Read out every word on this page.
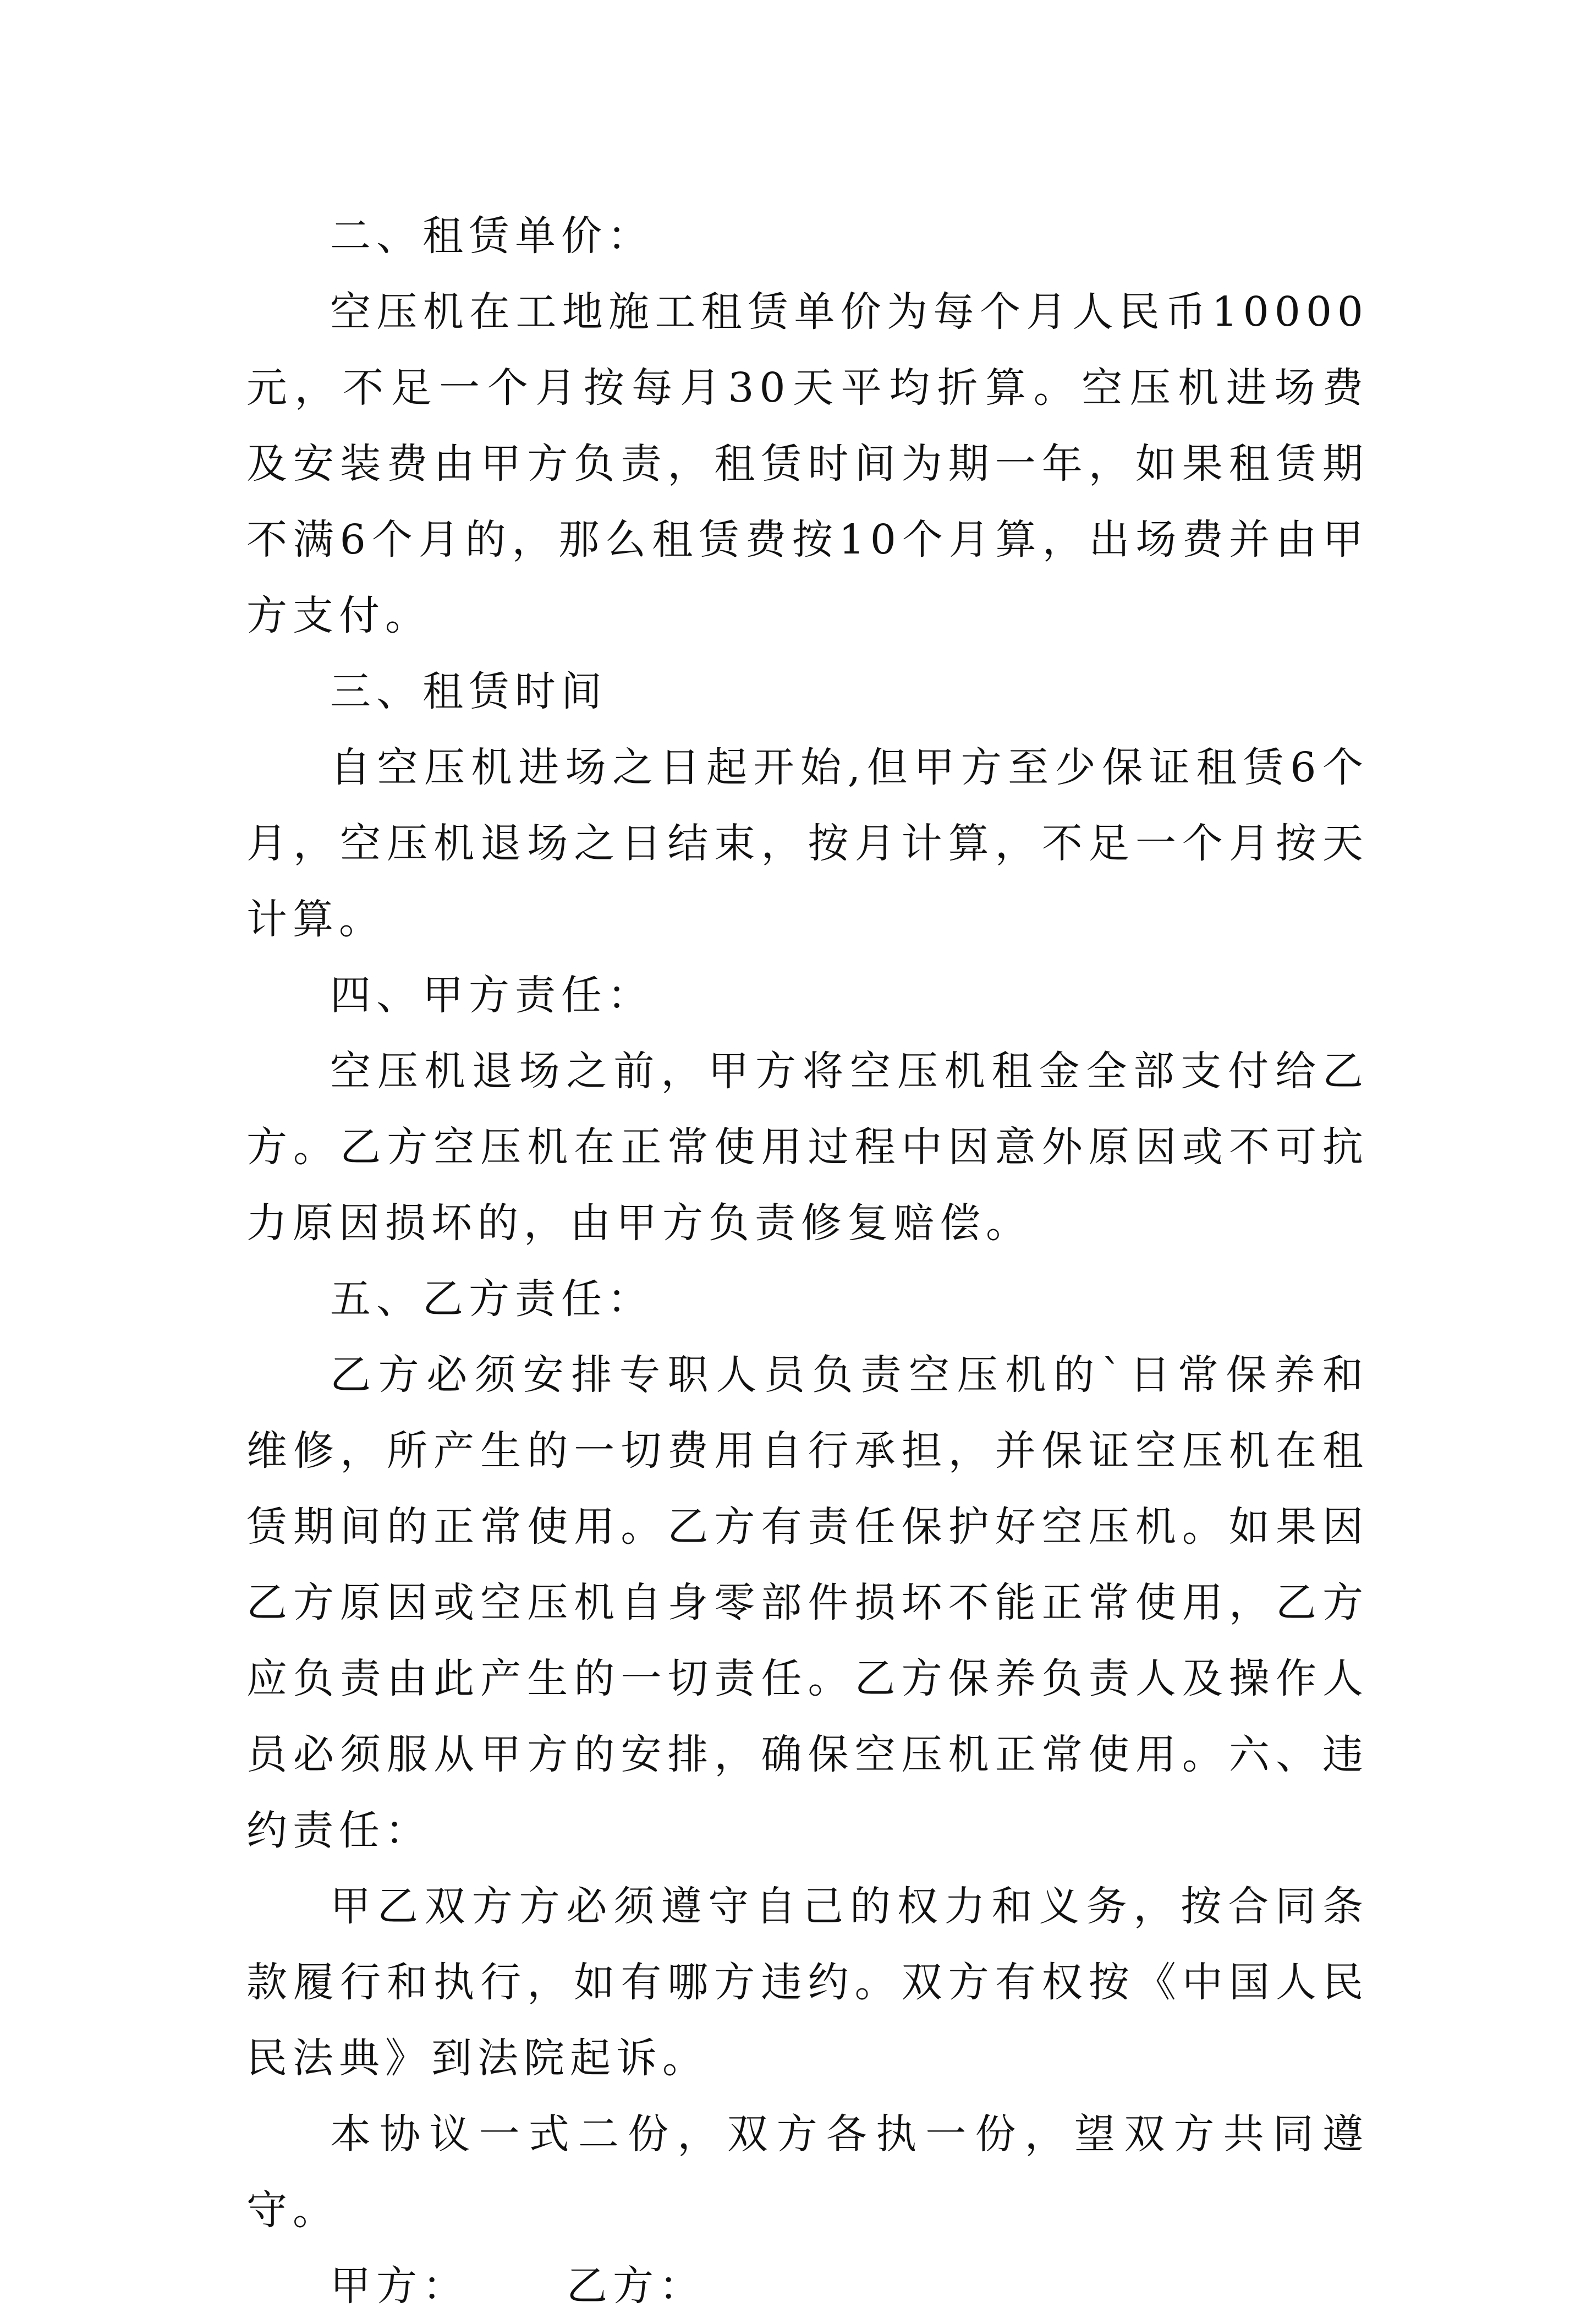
二、租赁单价：

空压机在工地施工租赁单价为每个月人民币10000元，不足一个月按每月30天平均折算。空压机进场费及安装费由甲方负责，租赁时间为期一年，如果租赁期不满6个月的，那么租赁费按10个月算，出场费并由甲方支付。

三、租赁时间

自空压机进场之日起开始,但甲方至少保证租赁6个月，空压机退场之日结束，按月计算，不足一个月按天计算。

四、甲方责任：

空压机退场之前，甲方将空压机租金全部支付给乙方。乙方空压机在正常使用过程中因意外原因或不可抗力原因损坏的，由甲方负责修复赔偿。

五、乙方责任：

乙方必须安排专职人员负责空压机的`日常保养和维修，所产生的一切费用自行承担，并保证空压机在租赁期间的正常使用。乙方有责任保护好空压机。如果因乙方原因或空压机自身零部件损坏不能正常使用，乙方应负责由此产生的一切责任。乙方保养负责人及操作人员必须服从甲方的安排，确保空压机正常使用。六、违约责任：

甲乙双方方必须遵守自己的权力和义务，按合同条款履行和执行，如有哪方违约。双方有权按《中国人民民法典》到法院起诉。

本协议一式二份，双方各执一份，望双方共同遵守。

甲方： 乙方：
